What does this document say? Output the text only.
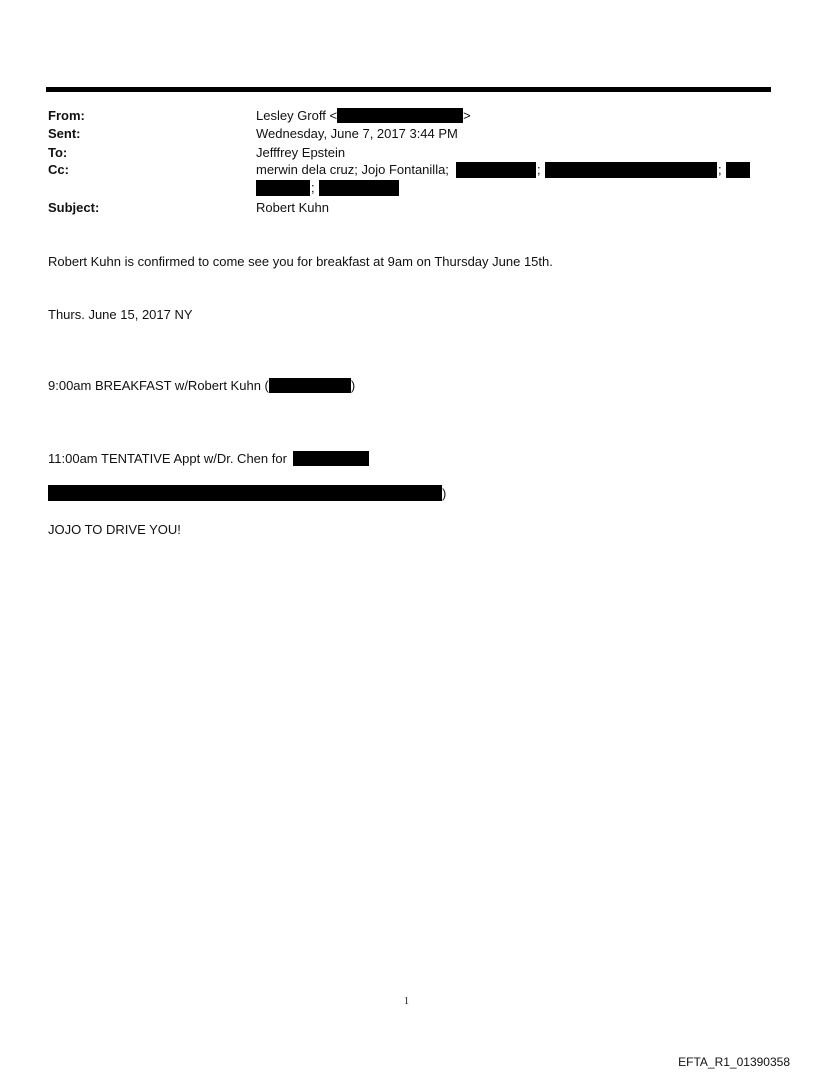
From:	Lesley Groff <	>
Sent:	Wednesday, June 7, 2017 3:44 PM
To:	Jefffrey Epstein
Cc:	merwin dela cruz; Jojo Fontanilla;	;	;
;
Subject:	Robert Kuhn
Robert Kuhn is confirmed to come see you for breakfast at 9am on Thursday June 15th.
Thurs. June 15, 2017 NY
9:00am BREAKFAST w/Robert Kuhn (	)
11:00am TENTATIVE Appt w/Dr. Chen for
)
JOJO TO DRIVE YOU!
1
EFTA_R1_01390358
